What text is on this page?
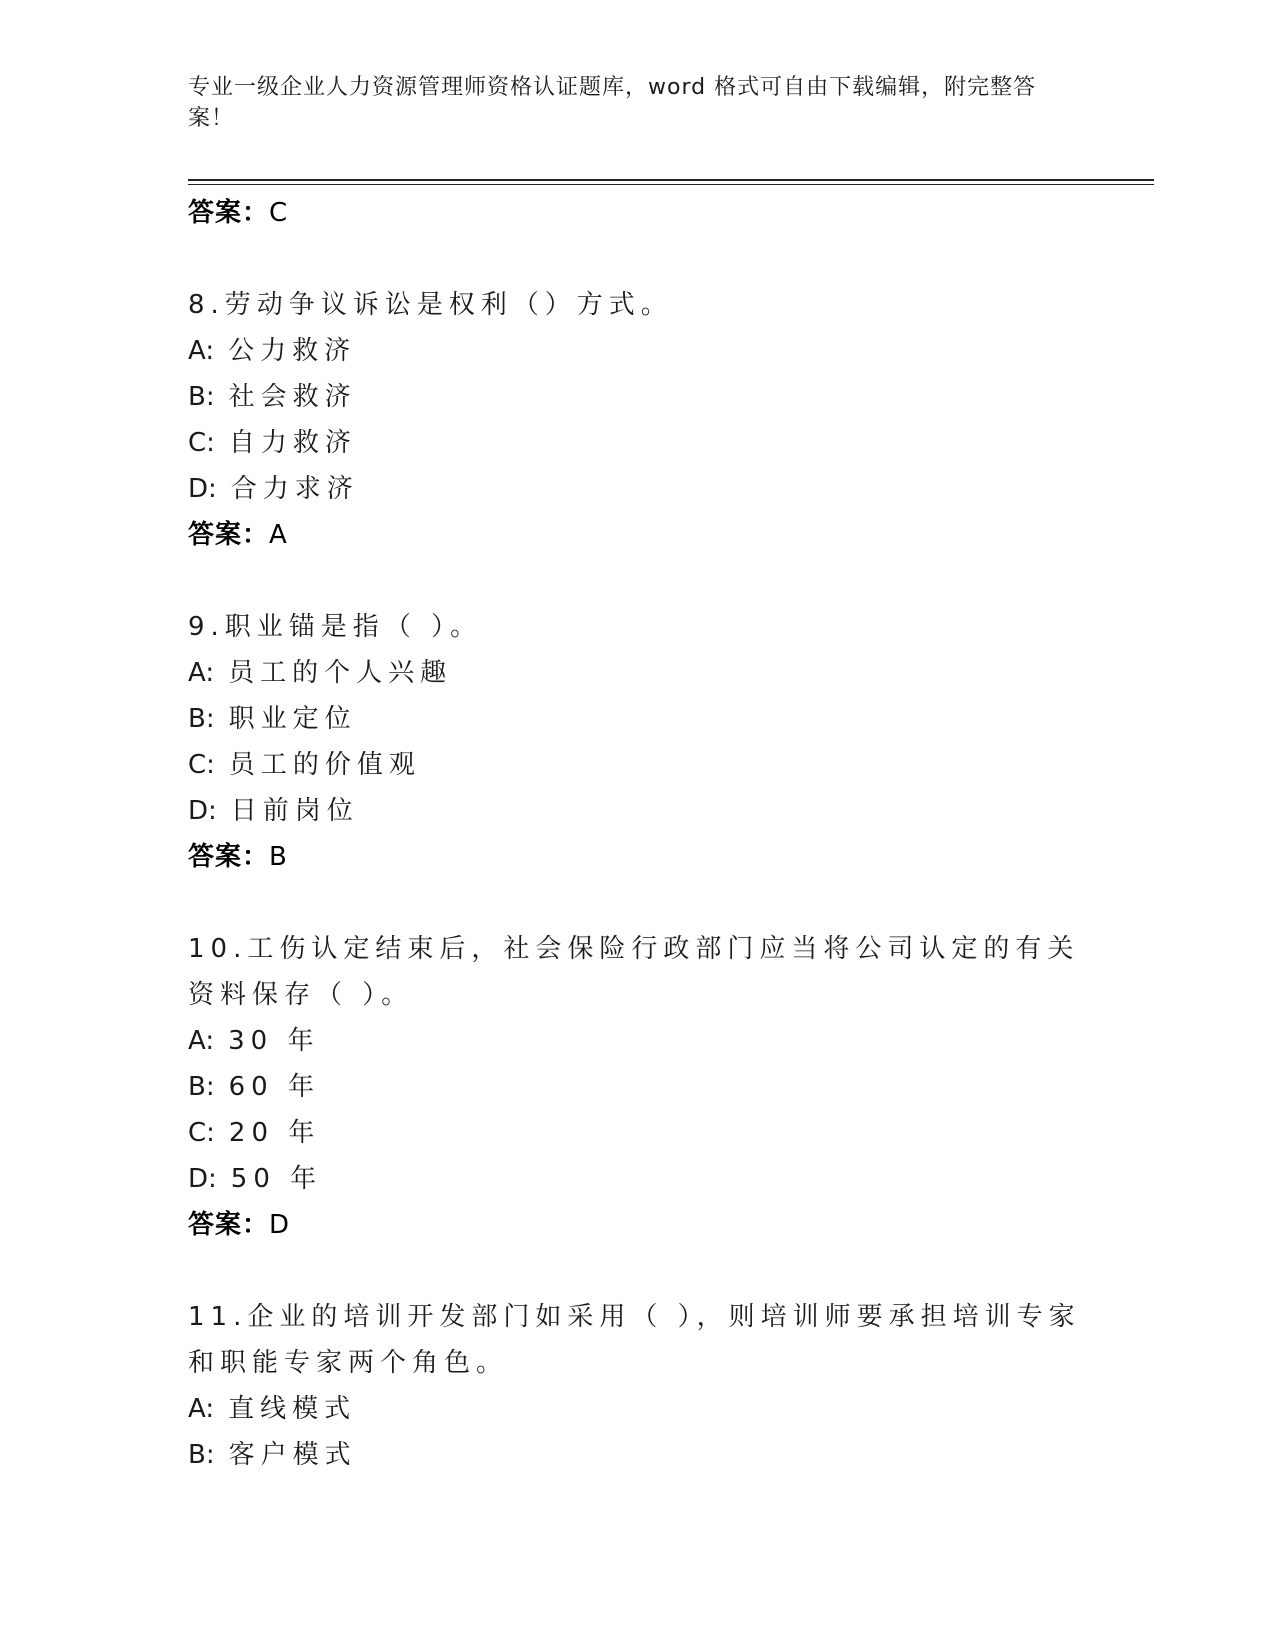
专业一级企业人力资源管理师资格认证题库，word 格式可自由下载编辑，附完整答案！
答案：C
8.劳动争议诉讼是权利（）方式。
A: 公力救济
B: 社会救济
C: 自力救济
D: 合力求济
答案：A
9.职业锚是指（ ）。
A: 员工的个人兴趣
B: 职业定位
C: 员工的价值观
D: 日前岗位
答案：B
10.工伤认定结束后，社会保险行政部门应当将公司认定的有关资料保存（ ）。
A: 30 年
B: 60 年
C: 20 年
D: 50 年
答案：D
11.企业的培训开发部门如采用（ ），则培训师要承担培训专家和职能专家两个角色。
A: 直线模式
B: 客户模式
